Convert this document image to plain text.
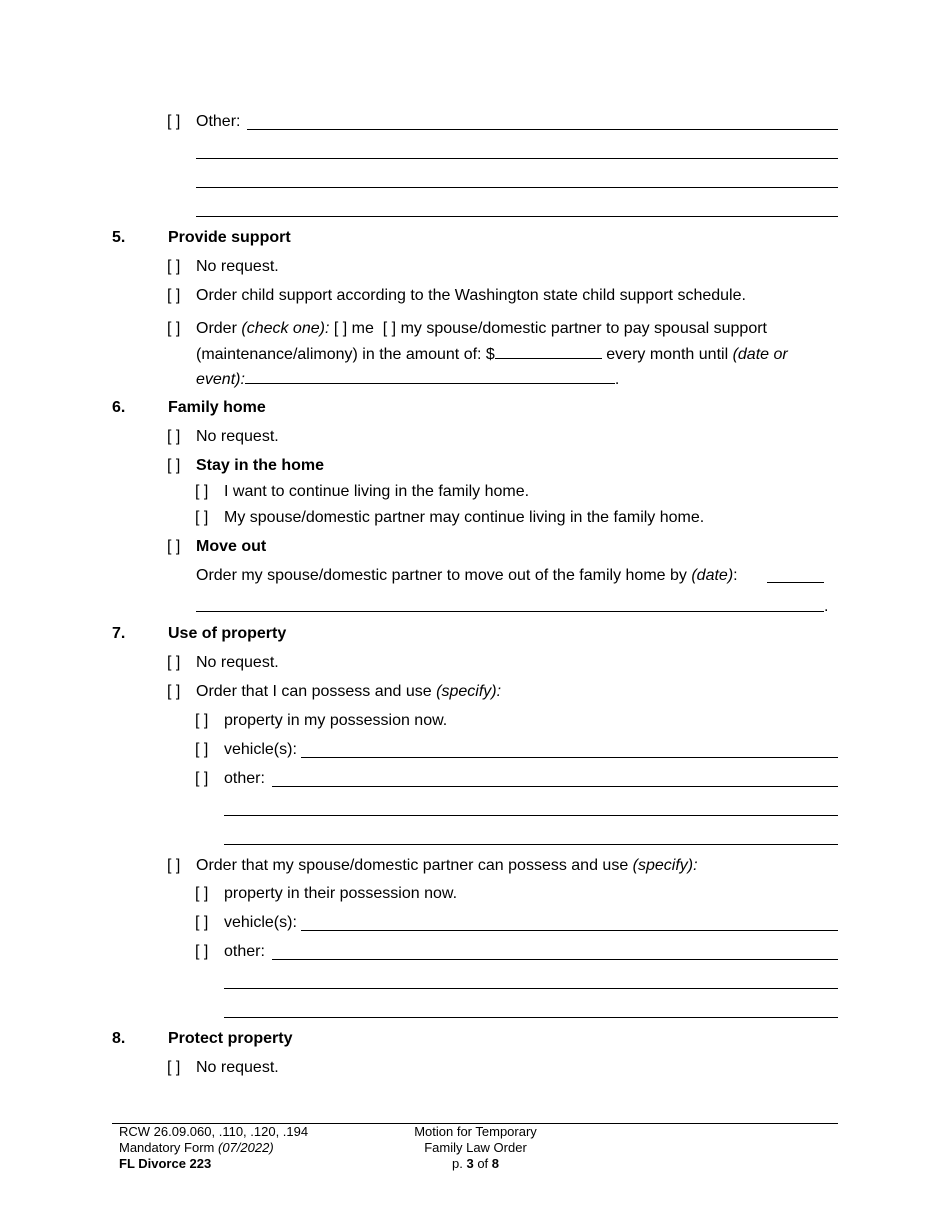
[ ] Other:
5.	Provide support
[ ] No request.
[ ] Order child support according to the Washington state child support schedule.
[ ] Order (check one): [ ] me [ ] my spouse/domestic partner to pay spousal support
(maintenance/alimony) in the amount of: $	every month until (date or
event):	.
6.	Family home
[ ] No request.
[ ] Stay in the home
[ ] I want to continue living in the family home.
[ ] My spouse/domestic partner may continue living in the family home.
[ ] Move out
Order my spouse/domestic partner to move out of the family home by (date):
.
7.	Use of property
[ ] No request.
[ ] Order that I can possess and use (specify):
[ ] property in my possession now.
[ ] vehicle(s):
[ ] other:
[ ] Order that my spouse/domestic partner can possess and use (specify):
[ ] property in their possession now.
[ ] vehicle(s):
[ ] other:
8.	Protect property
[ ] No request.
RCW 26.09.060, .110, .120, .194
Mandatory Form (07/2022)
FL Divorce 223
Motion for Temporary
Family Law Order
p. 3 of 8
